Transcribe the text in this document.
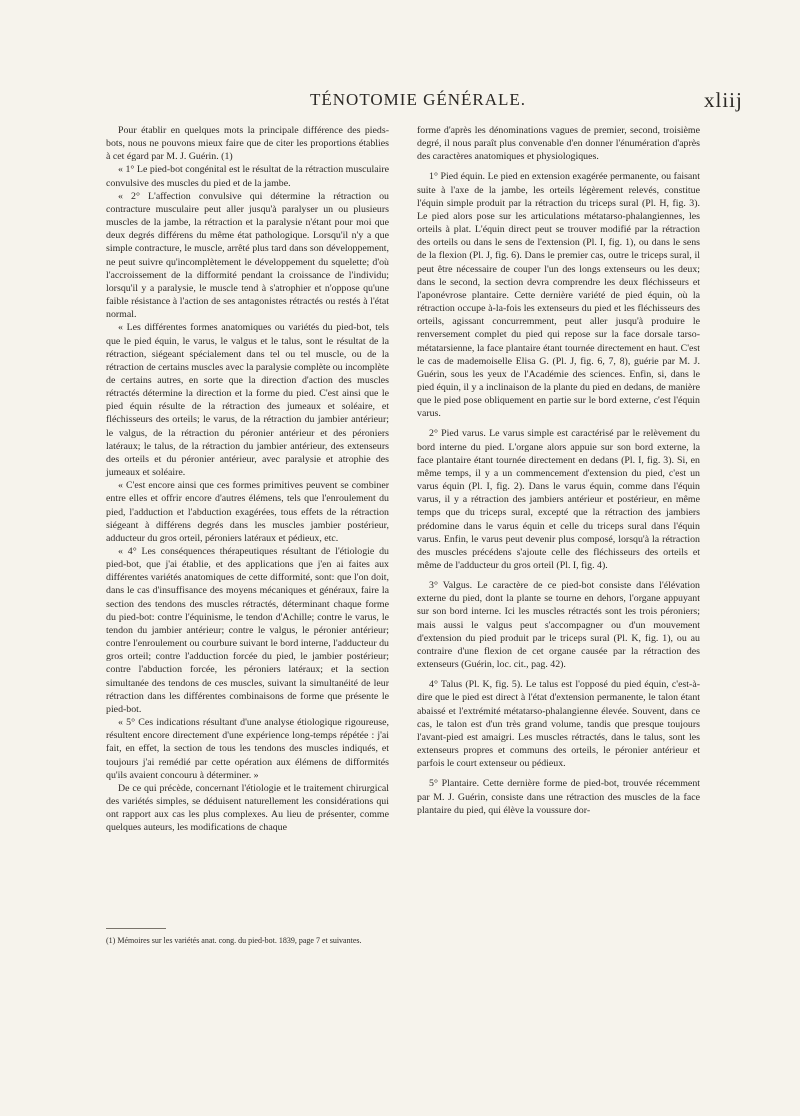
TÉNOTOMIE GÉNÉRALE.	xliij

Pour établir en quelques mots la principale différence des pieds-bots, nous ne pouvons mieux faire que de citer les proportions établies à cet égard par M. J. Guérin. (1)

« 1° Le pied-bot congénital est le résultat de la rétraction musculaire convulsive des muscles du pied et de la jambe.

« 2° L'affection convulsive qui détermine la rétraction ou contracture musculaire peut aller jusqu'à paralyser un ou plusieurs muscles de la jambe, la rétraction et la paralysie n'étant pour moi que deux degrés différens du même état pathologique. Lorsqu'il n'y a que simple contracture, le muscle, arrêté plus tard dans son développement, ne peut suivre qu'incomplètement le développement du squelette; d'où l'accroissement de la difformité pendant la croissance de l'individu; lorsqu'il y a paralysie, le muscle tend à s'atrophier et n'oppose qu'une faible résistance à l'action de ses antagonistes rétractés ou restés à l'état normal.

« Les différentes formes anatomiques ou variétés du pied-bot, tels que le pied équin, le varus, le valgus et le talus, sont le résultat de la rétraction, siégeant spécialement dans tel ou tel muscle, ou de la rétraction de certains muscles avec la paralysie complète ou incomplète de certains autres, en sorte que la direction d'action des muscles rétractés détermine la direction et la forme du pied. C'est ainsi que le pied équin résulte de la rétraction des jumeaux et soléaire, et fléchisseurs des orteils; le varus, de la rétraction du jambier antérieur; le valgus, de la rétraction du péronier antérieur et des péroniers latéraux; le talus, de la rétraction du jambier antérieur, des extenseurs des orteils et du péronier antérieur, avec paralysie et atrophie des jumeaux et soléaire.

« C'est encore ainsi que ces formes primitives peuvent se combiner entre elles et offrir encore d'autres élémens, tels que l'enroulement du pied, l'adduction et l'abduction exagérées, tous effets de la rétraction siégeant à différens degrés dans les muscles jambier postérieur, adducteur du gros orteil, péroniers latéraux et pédieux, etc.

« 4° Les conséquences thérapeutiques résultant de l'étiologie du pied-bot, que j'ai établie, et des applications que j'en ai faites aux différentes variétés anatomiques de cette difformité, sont: que l'on doit, dans le cas d'insuffisance des moyens mécaniques et généraux, faire la section des tendons des muscles rétractés, déterminant chaque forme du pied-bot: contre l'équinisme, le tendon d'Achille; contre le varus, le tendon du jambier antérieur; contre le valgus, le péronier antérieur; contre l'enroulement ou courbure suivant le bord interne, l'adducteur du gros orteil; contre l'adduction forcée du pied, le jambier postérieur; contre l'abduction forcée, les péroniers latéraux; et la section simultanée des tendons de ces muscles, suivant la simultanéité de leur rétraction dans les différentes combinaisons de forme que présente le pied-bot.

« 5° Ces indications résultant d'une analyse étiologique rigoureuse, résultent encore directement d'une expérience long-temps répétée : j'ai fait, en effet, la section de tous les tendons des muscles indiqués, et toujours j'ai remédié par cette opération aux élémens de difformités qu'ils avaient concouru à déterminer. »

De ce qui précède, concernant l'étiologie et le traitement chirurgical des variétés simples, se déduisent naturellement les considérations qui ont rapport aux cas les plus complexes. Au lieu de présenter, comme quelques auteurs, les modifications de chaque

(1) Mémoires sur les variétés anat. cong. du pied-bot. 1839, page 7 et suivantes.

forme d'après les dénominations vagues de premier, second, troisième degré, il nous paraît plus convenable d'en donner l'énumération d'après des caractères anatomiques et physiologiques.

1° Pied équin. Le pied en extension exagérée permanente, ou faisant suite à l'axe de la jambe, les orteils légèrement relevés, constitue l'équin simple produit par la rétraction du triceps sural (Pl. H, fig. 3). Le pied alors pose sur les articulations métatarso-phalangiennes, les orteils à plat. L'équin direct peut se trouver modifié par la rétraction des orteils ou dans le sens de l'extension (Pl. I, fig. 1), ou dans le sens de la flexion (Pl. J, fig. 6). Dans le premier cas, outre le triceps sural, il peut être nécessaire de couper l'un des longs extenseurs ou les deux; dans le second, la section devra comprendre les deux fléchisseurs et l'aponévrose plantaire. Cette dernière variété de pied équin, où la rétraction occupe à-la-fois les extenseurs du pied et les fléchisseurs des orteils, agissant concurremment, peut aller jusqu'à produire le renversement complet du pied qui repose sur la face dorsale tarso-métatarsienne, la face plantaire étant tournée directement en haut. C'est le cas de mademoiselle Elisa G. (Pl. J, fig. 6, 7, 8), guérie par M. J. Guérin, sous les yeux de l'Académie des sciences. Enfin, si, dans le pied équin, il y a inclinaison de la plante du pied en dedans, de manière que le pied pose obliquement en partie sur le bord externe, c'est l'équin varus.

2° Pied varus. Le varus simple est caractérisé par le relèvement du bord interne du pied. L'organe alors appuie sur son bord externe, la face plantaire étant tournée directement en dedans (Pl. I, fig. 3). Si, en même temps, il y a un commencement d'extension du pied, c'est un varus équin (Pl. I, fig. 2). Dans le varus équin, comme dans l'équin varus, il y a rétraction des jambiers antérieur et postérieur, en même temps que du triceps sural, excepté que la rétraction des jambiers prédomine dans le varus équin et celle du triceps sural dans l'équin varus. Enfin, le varus peut devenir plus composé, lorsqu'à la rétraction des muscles précédens s'ajoute celle des fléchisseurs des orteils et même de l'adducteur du gros orteil (Pl. I, fig. 4).

3° Valgus. Le caractère de ce pied-bot consiste dans l'élévation externe du pied, dont la plante se tourne en dehors, l'organe appuyant sur son bord interne. Ici les muscles rétractés sont les trois péroniers; mais aussi le valgus peut s'accompagner ou d'un mouvement d'extension du pied produit par le triceps sural (Pl. K, fig. 1), ou au contraire d'une flexion de cet organe causée par la rétraction des extenseurs (Guérin, loc. cit., pag. 42).

4° Talus (Pl. K, fig. 5). Le talus est l'opposé du pied équin, c'est-à-dire que le pied est direct à l'état d'extension permanente, le talon étant abaissé et l'extrémité métatarso-phalangienne élevée. Souvent, dans ce cas, le talon est d'un très grand volume, tandis que presque toujours l'avant-pied est amaigri. Les muscles rétractés, dans le talus, sont les extenseurs propres et communs des orteils, le péronier antérieur et parfois le court extenseur ou pédieux.

5° Plantaire. Cette dernière forme de pied-bot, trouvée récemment par M. J. Guérin, consiste dans une rétraction des muscles de la face plantaire du pied, qui élève la voussure dor-
